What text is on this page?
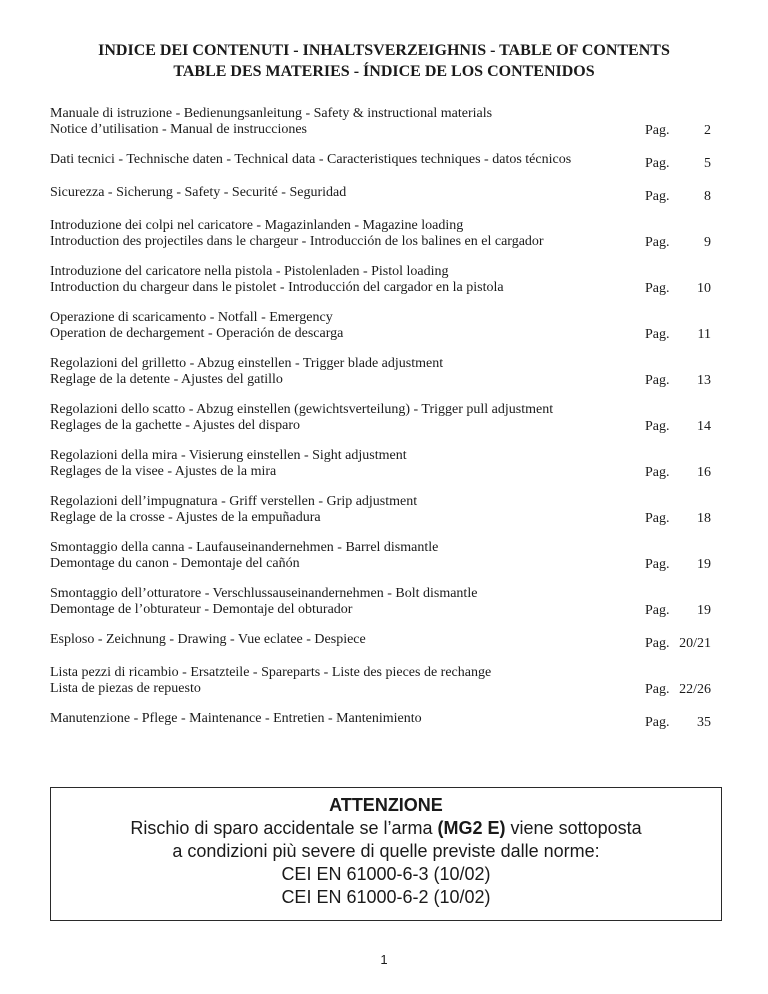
INDICE DEI CONTENUTI - INHALTSVERZEIGHNIS - TABLE OF CONTENTS
TABLE DES MATERIES - ÍNDICE DE LOS CONTENIDOS
Manuale di istruzione - Bedienungsanleitung - Safety & instructional materials
Notice d’utilisation - Manual de instrucciones	Pag. 2
Dati tecnici - Technische daten - Technical data - Caracteristiques techniques - datos técnicos	Pag. 5
Sicurezza - Sicherung - Safety - Securité - Seguridad	Pag. 8
Introduzione dei colpi nel caricatore - Magazinlanden - Magazine loading
Introduction des projectiles dans le chargeur - Introducción de los balines en el cargador	Pag. 9
Introduzione del caricatore nella pistola - Pistolenladen - Pistol loading
Introduction du chargeur dans le pistolet - Introducción del cargador en la pistola	Pag. 10
Operazione di scaricamento - Notfall - Emergency
Operation de dechargement - Operación de descarga	Pag. 11
Regolazioni del grilletto - Abzug einstellen - Trigger blade adjustment
Reglage de la detente - Ajustes del gatillo	Pag. 13
Regolazioni dello scatto - Abzug einstellen (gewichtsverteilung) - Trigger pull adjustment
Reglages de la gachette - Ajustes del disparo	Pag. 14
Regolazioni della mira - Visierung einstellen - Sight adjustment
Reglages de la visee - Ajustes de la mira	Pag. 16
Regolazioni dell’impugnatura - Griff verstellen - Grip adjustment
Reglage de la crosse - Ajustes de la empuñadura	Pag. 18
Smontaggio della canna - Laufauseinandernehmen - Barrel dismantle
Demontage du canon - Demontaje del cañón	Pag. 19
Smontaggio dell’otturatore - Verschlussauseinandernehmen - Bolt dismantle
Demontage de l’obturateur - Demontaje del obturador	Pag. 19
Esploso - Zeichnung - Drawing - Vue eclatee - Despiece	Pag. 20/21
Lista pezzi di ricambio - Ersatzteile - Spareparts - Liste des pieces de rechange
Lista de piezas de repuesto	Pag. 22/26
Manutenzione - Pflege - Maintenance - Entretien - Mantenimiento	Pag. 35
ATTENZIONE
Rischio di sparo accidentale se l’arma (MG2 E) viene sottoposta
a condizioni più severe di quelle previste dalle norme:
CEI EN 61000-6-3 (10/02)
CEI EN 61000-6-2 (10/02)
1
